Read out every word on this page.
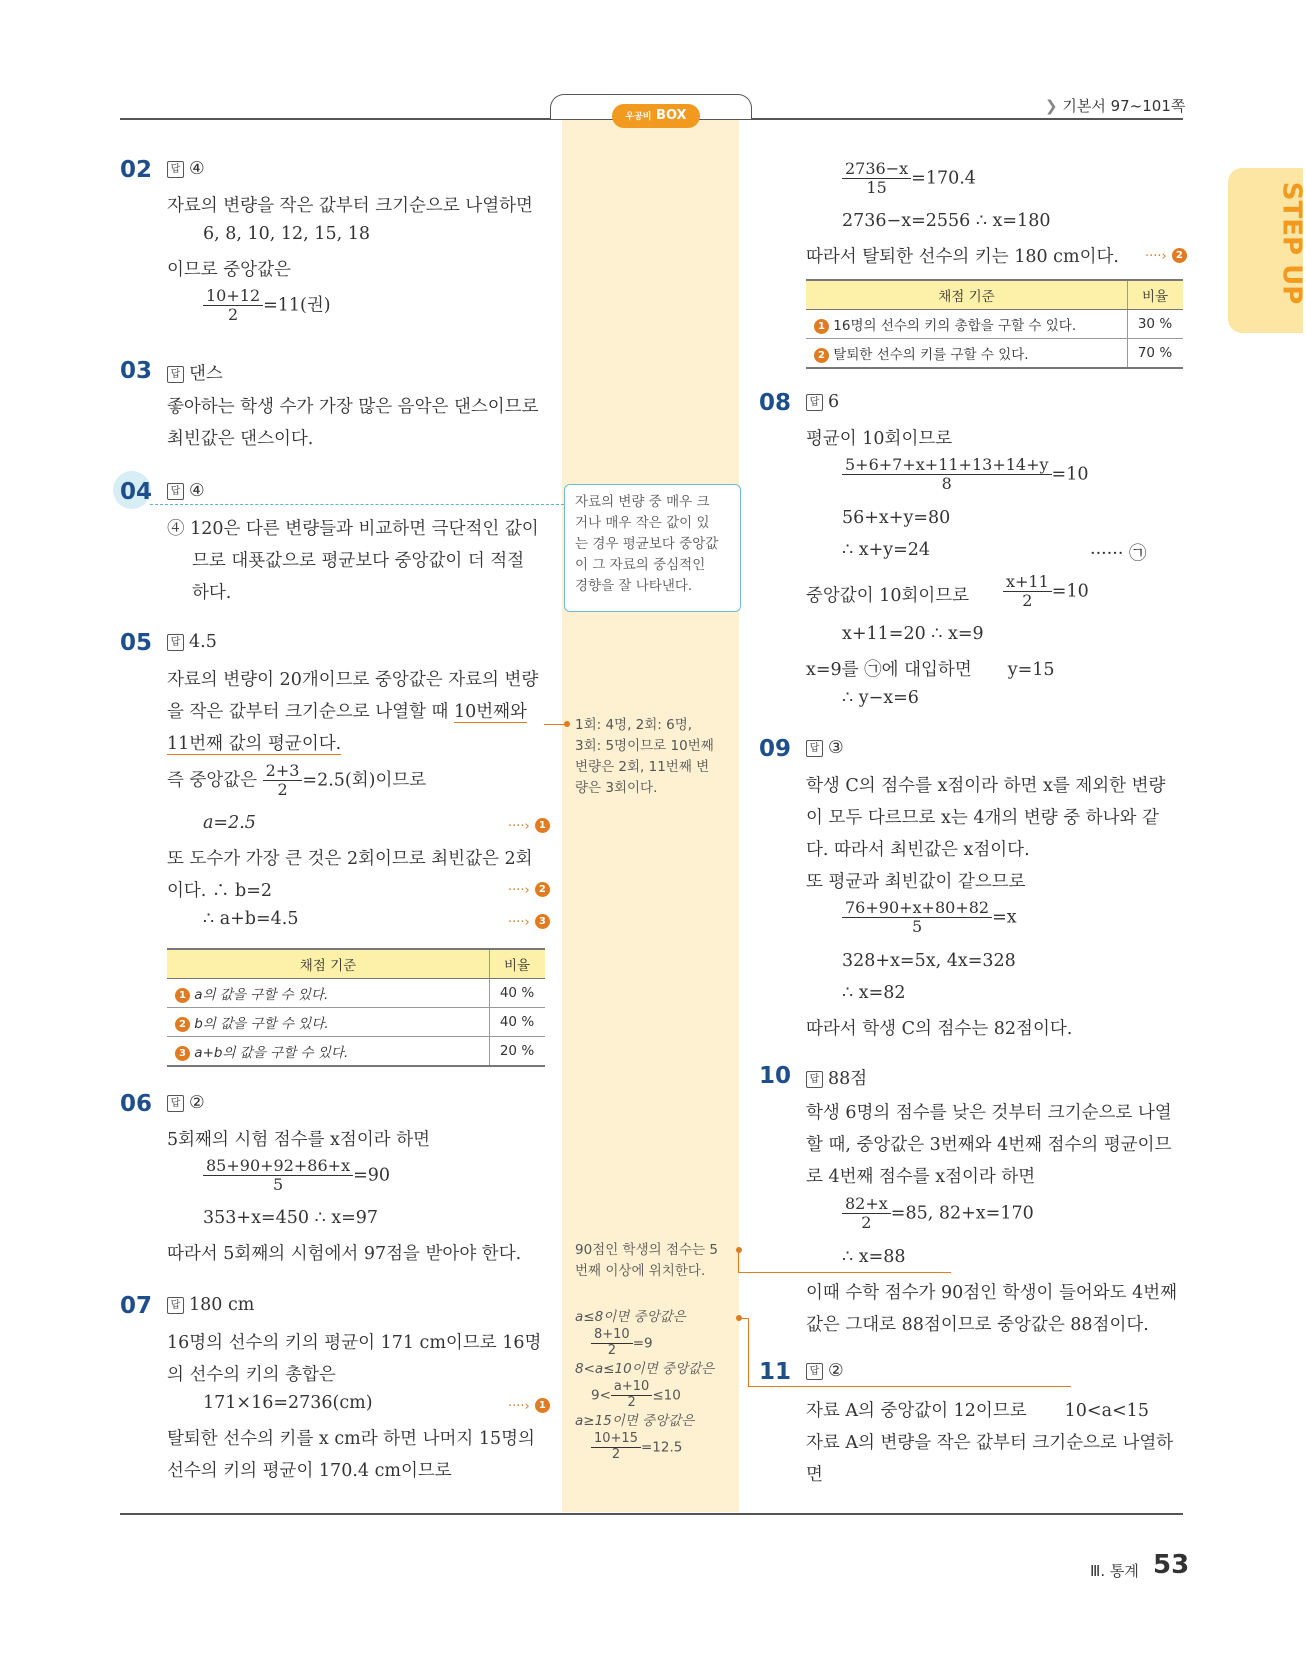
우공비 BOX
❯ 기본서 97~101쪽
STEP UP
Ⅲ. 통계 53
02	답 ④
자료의 변량을 작은 값부터 크기순으로 나열하면
6, 8, 10, 12, 15, 18
이므로 중앙값은
$\frac{10+12}{2} =11$(권)
03	답 댄스
좋아하는 학생 수가 가장 많은 음악은 댄스이므로
최빈값은 댄스이다.
04	답 ④
④ 120은 다른 변량들과 비교하면 극단적인 값이
므로 대푯값으로 평균보다 중앙값이 더 적절
하다.
자료의 변량 중 매우 크
거나 매우 작은 값이 있
는 경우 평균보다 중앙값
이 그 자료의 중심적인
경향을 잘 나타낸다.
05	답 4.5
자료의 변량이 20개이므로 중앙값은 자료의 변량
을 작은 값부터 크기순으로 나열할 때 10번째와
11번째 값의 평균이다.
즉 중앙값은 $\frac{2+3}{2} =2.5$(회)이므로
a=2.5	····› 1
또 도수가 가장 큰 것은 2회이므로 최빈값은 2회
이다. ∴ b=2	····› 2
∴ a+b=4.5	····› 3
1회: 4명, 2회: 6명,
3회: 5명이므로 10번째
변량은 2회, 11번째 변
량은 3회이다.
채점 기준	비율
1 a의 값을 구할 수 있다.	40 %
2 b의 값을 구할 수 있다.	40 %
3 a+b의 값을 구할 수 있다.	20 %
06	답 ②
5회째의 시험 점수를 x점이라 하면
$\frac{85+90+92+86+x}{5} =90$
353+x=450 ∴ x=97
따라서 5회째의 시험에서 97점을 받아야 한다.
07	답 180 cm
16명의 선수의 키의 평균이 171 cm이므로 16명
의 선수의 키의 총합은
171×16=2736(cm)	····› 1
탈퇴한 선수의 키를 x cm라 하면 나머지 15명의
선수의 키의 평균이 170.4 cm이므로
90점인 학생의 점수는 5
번째 이상에 위치한다.
a≤8이면 중앙값은
$\frac{8+10}{2} =9$
8<a≤10이면 중앙값은
$9< \frac{a+10}{2} \le 10$
a≥15이면 중앙값은
$\frac{10+15}{2} =12.5$
$\frac{2736-x}{15} =170.4$
2736−x=2556 ∴ x=180
따라서 탈퇴한 선수의 키는 180 cm이다. ····› 2
채점 기준	비율
1 16명의 선수의 키의 총합을 구할 수 있다.	30 %
2 탈퇴한 선수의 키를 구할 수 있다.	70 %
08	답 6
평균이 10회이므로
$\frac{5+6+7+x+11+13+14+y}{8} =10$
56+x+y=80
∴ x+y=24	······ ㉠
중앙값이 10회이므로 $\frac{x+11}{2} =10$
x+11=20 ∴ x=9
x=9를 ㉠에 대입하면 y=15
∴ y−x=6
09	답 ③
학생 C의 점수를 x점이라 하면 x를 제외한 변량
이 모두 다르므로 x는 4개의 변량 중 하나와 같
다. 따라서 최빈값은 x점이다.
또 평균과 최빈값이 같으므로
$\frac{76+90+x+80+82}{5} =x$
328+x=5x, 4x=328
∴ x=82
따라서 학생 C의 점수는 82점이다.
10	답 88점
학생 6명의 점수를 낮은 것부터 크기순으로 나열
할 때, 중앙값은 3번째와 4번째 점수의 평균이므
로 4번째 점수를 x점이라 하면
$\frac{82+x}{2} =85$, 82+x=170
∴ x=88
이때 수학 점수가 90점인 학생이 들어와도 4번째
값은 그대로 88점이므로 중앙값은 88점이다.
11	답 ②
자료 A의 중앙값이 12이므로 10<a<15
자료 A의 변량을 작은 값부터 크기순으로 나열하
면
